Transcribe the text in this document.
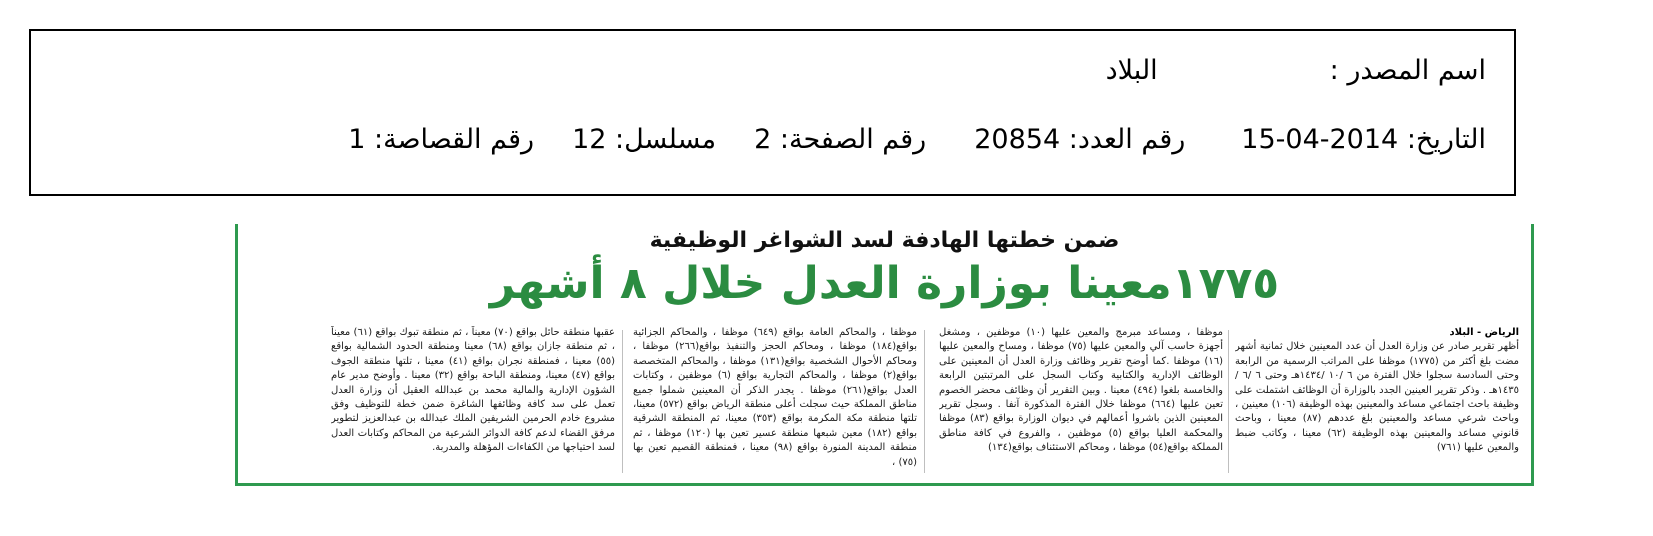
اسم المصدر :البلاد
التاريخ: 2014-04-15رقم العدد: 20854رقم الصفحة: 2مسلسل: 12رقم القصاصة: 1
ضمن خطتها الهادفة لسد الشواغر الوظيفية
١٧٧٥معينا بوزارة العدل خلال ٨ أشهر
الرياض - البلاد
أظهر تقرير صادر عن وزارة العدل أن عدد المعينين خلال ثمانية أشهر مضت بلغ أكثر من (١٧٧٥) موظفا على المراتب الرسمية من الرابعة وحتى السادسة سجلوا خلال الفترة من ٦ /١٠ /١٤٣٤هـ وحتى ٦ /٦ /١٤٣٥هـ . وذكر تقرير العينين الجدد بالوزارة أن الوظائف اشتملت على وظيفة باحث اجتماعي مساعد والمعينين بهذه الوظيفة (١٠٦) معينين ، وباحث شرعي مساعد والمعينين بلغ عددهم (٨٧) معينا ، وباحث قانوني مساعد والمعينين بهذه الوظيفة (٦٢) معينا ، وكاتب ضبط والمعين عليها (٧٦١)
موظفا ، ومساعد مبرمج والمعين عليها (١٠) موظفين ، ومشغل أجهزة حاسب آلي والمعين عليها (٧٥) موظفا ، ومساح والمعين عليها (١٦) موظفا .كما أوضح تقرير وظائف وزارة العدل أن المعينين على الوظائف الإدارية والكتابية وكتاب السجل على المرتبتين الرابعة والخامسة بلغوا (٤٩٤) معينا . وبين التقرير أن وظائف محضر الخصوم تعين عليها (٦٦٤) موظفا خلال الفترة المذكورة آنفا . وسجل تقرير المعينين الذين باشروا أعمالهم في ديوان الوزارة بواقع (٨٣) موظفا والمحكمة العليا بواقع (٥) موظفين ، والفروع في كافة مناطق المملكة بواقع(٥٤) موظفا ، ومحاكم الاستئناف بواقع(١٣٤)
موظفا ، والمحاكم العامة بواقع (٦٤٩) موظفا ، والمحاكم الجزائية بواقع(١٨٤) موظفا ، ومحاكم الحجز والتنفيذ بواقع(٢٦٦) موظفا ، ومحاكم الأحوال الشخصية بواقع(١٣١) موظفا ، والمحاكم المتخصصة بواقع(٢) موظفا ، والمحاكم التجارية بواقع (٦) موظفين ، وكتابات العدل بواقع(٢٦١) موظفا . يجدر الذكر أن المعينين شملوا جميع مناطق المملكة حيث سجلت أعلى منطقة الرياض بواقع (٥٧٢) معينا، تلتها منطقة مكة المكرمة بواقع (٣٥٣) معينا، ثم المنطقة الشرقية بواقع (١٨٢) معين شبعها منطقة عسير تعين بها (١٢٠) موظفا ، ثم منطقة المدينة المنورة بواقع (٩٨) معينا ، فمنطقة القصيم تعين بها (٧٥) ،
عقبها منطقة حائل بواقع (٧٠) معيناً ، ثم منطقة تبوك بواقع (٦١) معيناً ، ثم منطقة جازان بواقع (٦٨) معينا ومنطقة الحدود الشمالية بواقع (٥٥) معينا ، فمنطقة نجران بواقع (٤١) معينا ، تلتها منطقة الجوف بواقع (٤٧) معينا، ومنطقة الباحة بواقع (٣٢) معينا . وأوضح مدير عام الشؤون الإدارية والمالية محمد بن عبدالله العقيل أن وزارة العدل تعمل على سد كافة وظائفها الشاغرة ضمن خطة للتوظيف وفق مشروع خادم الحرمين الشريفين الملك عبدالله بن عبدالعزيز لتطوير مرفق القضاء لدعم كافة الدوائر الشرعية من المحاكم وكتابات العدل لسد احتياجها من الكفاءات المؤهلة والمدربة.
